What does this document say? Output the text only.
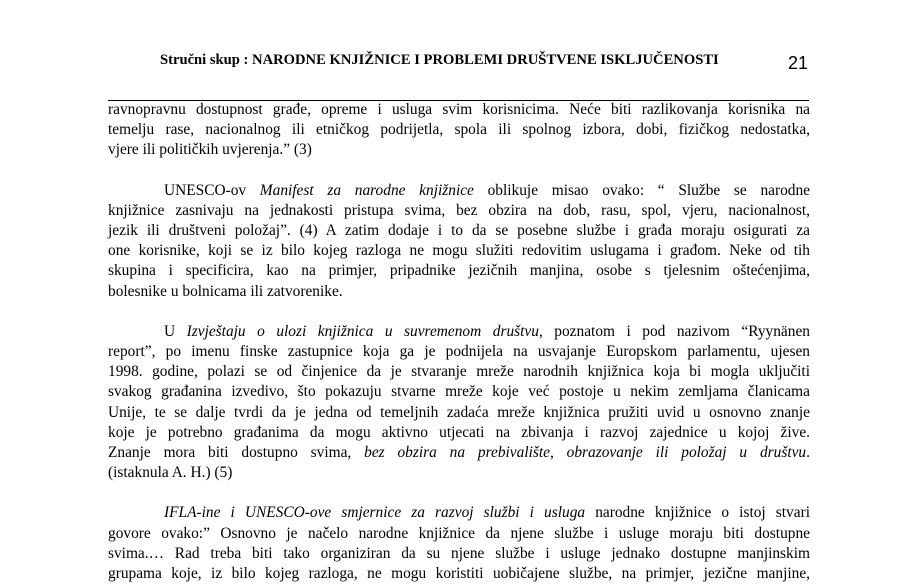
Stručni skup : NARODNE KNJIŽNICE I PROBLEMI DRUŠTVENE ISKLJUČENOSTI	21

ravnopravnu dostupnost građe, opreme i usluga svim korisnicima. Neće biti razlikovanja korisnika na
temelju rase, nacionalnog ili etničkog podrijetla, spola ili spolnog izbora, dobi, fizičkog nedostatka,
vjere ili političkih uvjerenja.” (3)

UNESCO-ov Manifest za narodne knjižnice oblikuje misao ovako: “ Službe se narodne
knjižnice zasnivaju na jednakosti pristupa svima, bez obzira na dob, rasu, spol, vjeru, nacionalnost,
jezik ili društveni položaj”. (4) A zatim dodaje i to da se posebne službe i građa moraju osigurati za
one korisnike, koji se iz bilo kojeg razloga ne mogu služiti redovitim uslugama i građom. Neke od tih
skupina i specificira, kao na primjer, pripadnike jezičnih manjina, osobe s tjelesnim oštećenjima,
bolesnike u bolnicama ili zatvorenike.

U Izvještaju o ulozi knjižnica u suvremenom društvu, poznatom i pod nazivom “Ryynänen
report”, po imenu finske zastupnice koja ga je podnijela na usvajanje Europskom parlamentu, ujesen
1998. godine, polazi se od činjenice da je stvaranje mreže narodnih knjižnica koja bi mogla uključiti
svakog građanina izvedivo, što pokazuju stvarne mreže koje već postoje u nekim zemljama članicama
Unije, te se dalje tvrdi da je jedna od temeljnih zadaća mreže knjižnica pružiti uvid u osnovno znanje
koje je potrebno građanima da mogu aktivno utjecati na zbivanja i razvoj zajednice u kojoj žive.
Znanje mora biti dostupno svima, bez obzira na prebivalište, obrazovanje ili položaj u društvu.
(istaknula A. H.) (5)

IFLA-ine i UNESCO-ove smjernice za razvoj službi i usluga narodne knjižnice o istoj stvari
govore ovako:” Osnovno je načelo narodne knjižnice da njene službe i usluge moraju biti dostupne
svima.… Rad treba biti tako organiziran da su njene službe i usluge jednako dostupne manjinskim
grupama koje, iz bilo kojeg razloga, ne mogu koristiti uobičajene službe, na primjer, jezične manjine,
